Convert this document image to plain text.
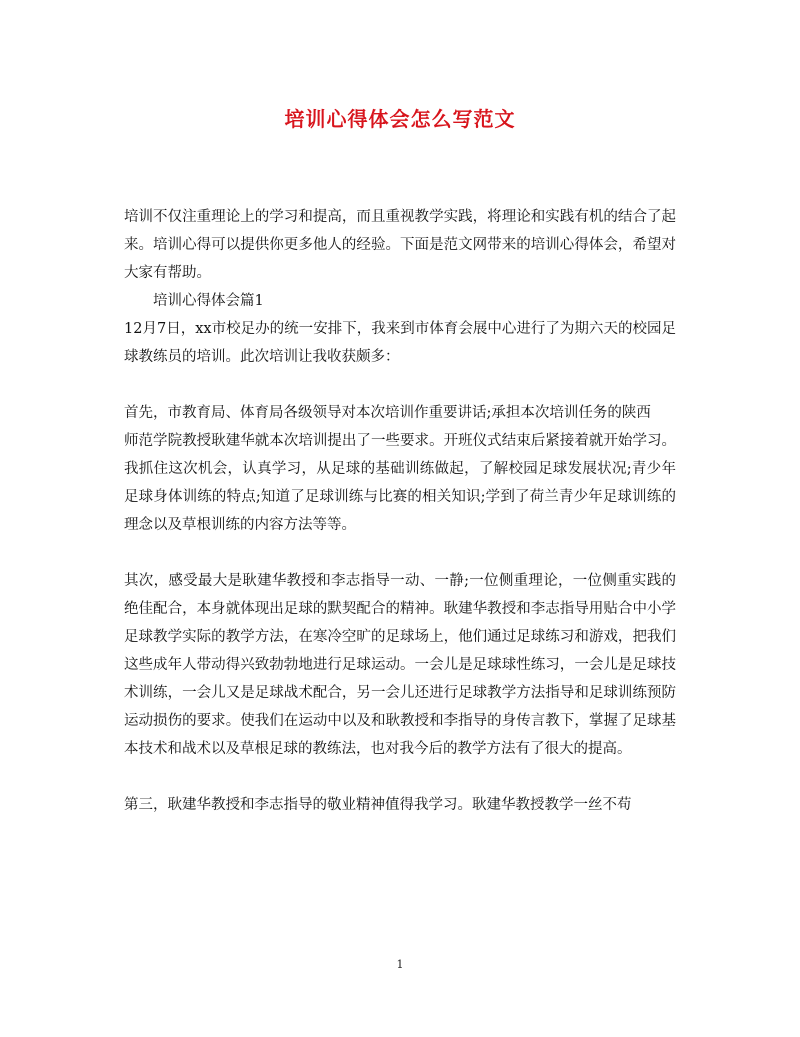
培训心得体会怎么写范文

培训不仅注重理论上的学习和提高，而且重视教学实践，将理论和实践有机的结合了起来。培训心得可以提供你更多他人的经验。下面是范文网带来的培训心得体会，希望对大家有帮助。

培训心得体会篇1

12月7日，xx市校足办的统一安排下，我来到市体育会展中心进行了为期六天的校园足球教练员的培训。此次培训让我收获颇多：

首先，市教育局、体育局各级领导对本次培训作重要讲话;承担本次培训任务的陕西

师范学院教授耿建华就本次培训提出了一些要求。开班仪式结束后紧接着就开始学习。我抓住这次机会，认真学习，从足球的基础训练做起，了解校园足球发展状况;青少年足球身体训练的特点;知道了足球训练与比赛的相关知识;学到了荷兰青少年足球训练的理念以及草根训练的内容方法等等。

其次，感受最大是耿建华教授和李志指导一动、一静;一位侧重理论，一位侧重实践的绝佳配合，本身就体现出足球的默契配合的精神。耿建华教授和李志指导用贴合中小学足球教学实际的教学方法，在寒冷空旷的足球场上，他们通过足球练习和游戏，把我们这些成年人带动得兴致勃勃地进行足球运动。一会儿是足球球性练习，一会儿是足球技术训练，一会儿又是足球战术配合，另一会儿还进行足球教学方法指导和足球训练预防运动损伤的要求。使我们在运动中以及和耿教授和李指导的身传言教下，掌握了足球基本技术和战术以及草根足球的教练法，也对我今后的教学方法有了很大的提高。

第三，耿建华教授和李志指导的敬业精神值得我学习。耿建华教授教学一丝不苟

1
